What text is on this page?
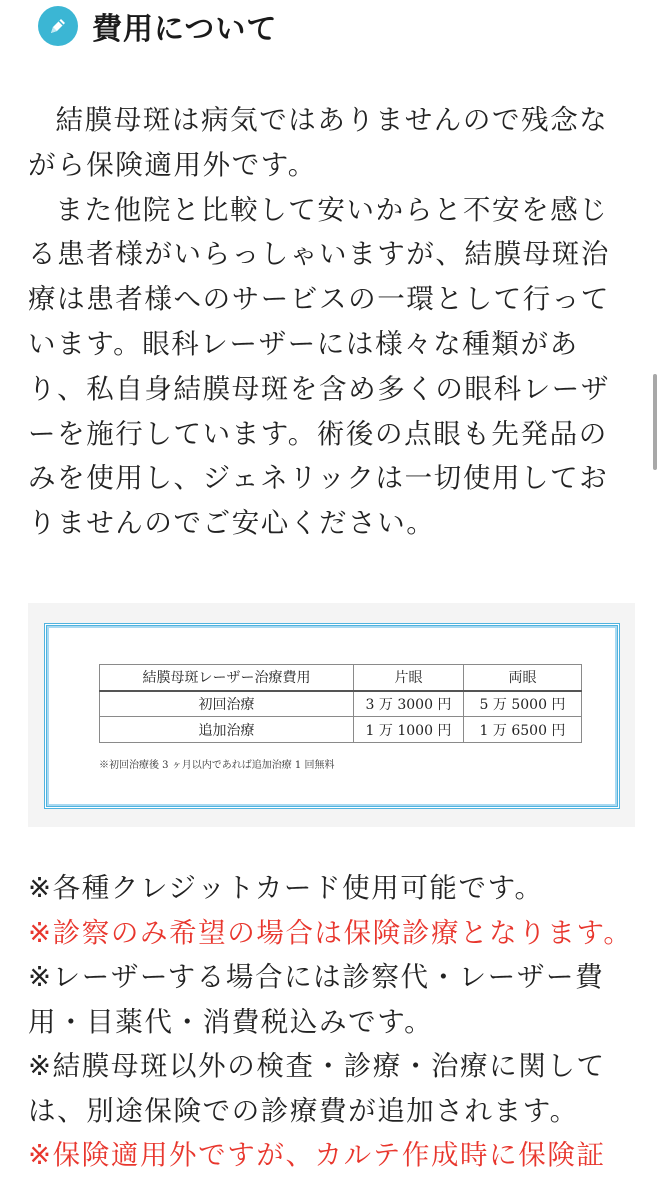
費用について

結膜母斑は病気ではありませんので残念ながら保険適用外です。

また他院と比較して安いからと不安を感じる患者様がいらっしゃいますが、結膜母斑治療は患者様へのサービスの一環として行っています。眼科レーザーには様々な種類があり、私自身結膜母斑を含め多くの眼科レーザーを施行しています。術後の点眼も先発品のみを使用し、ジェネリックは一切使用しておりませんのでご安心ください。

結膜母斑レーザー治療費用	片眼	両眼
初回治療	3 万 3000 円	5 万 5000 円
追加治療	1 万 1000 円	1 万 6500 円
※初回治療後 3 ヶ月以内であれば追加治療 1 回無料

※各種クレジットカード使用可能です。

※診察のみ希望の場合は保険診療となります。

※レーザーする場合には診察代・レーザー費用・目薬代・消費税込みです。

※結膜母斑以外の検査・診療・治療に関しては、別途保険での診療費が追加されます。

※保険適用外ですが、カルテ作成時に保険証
